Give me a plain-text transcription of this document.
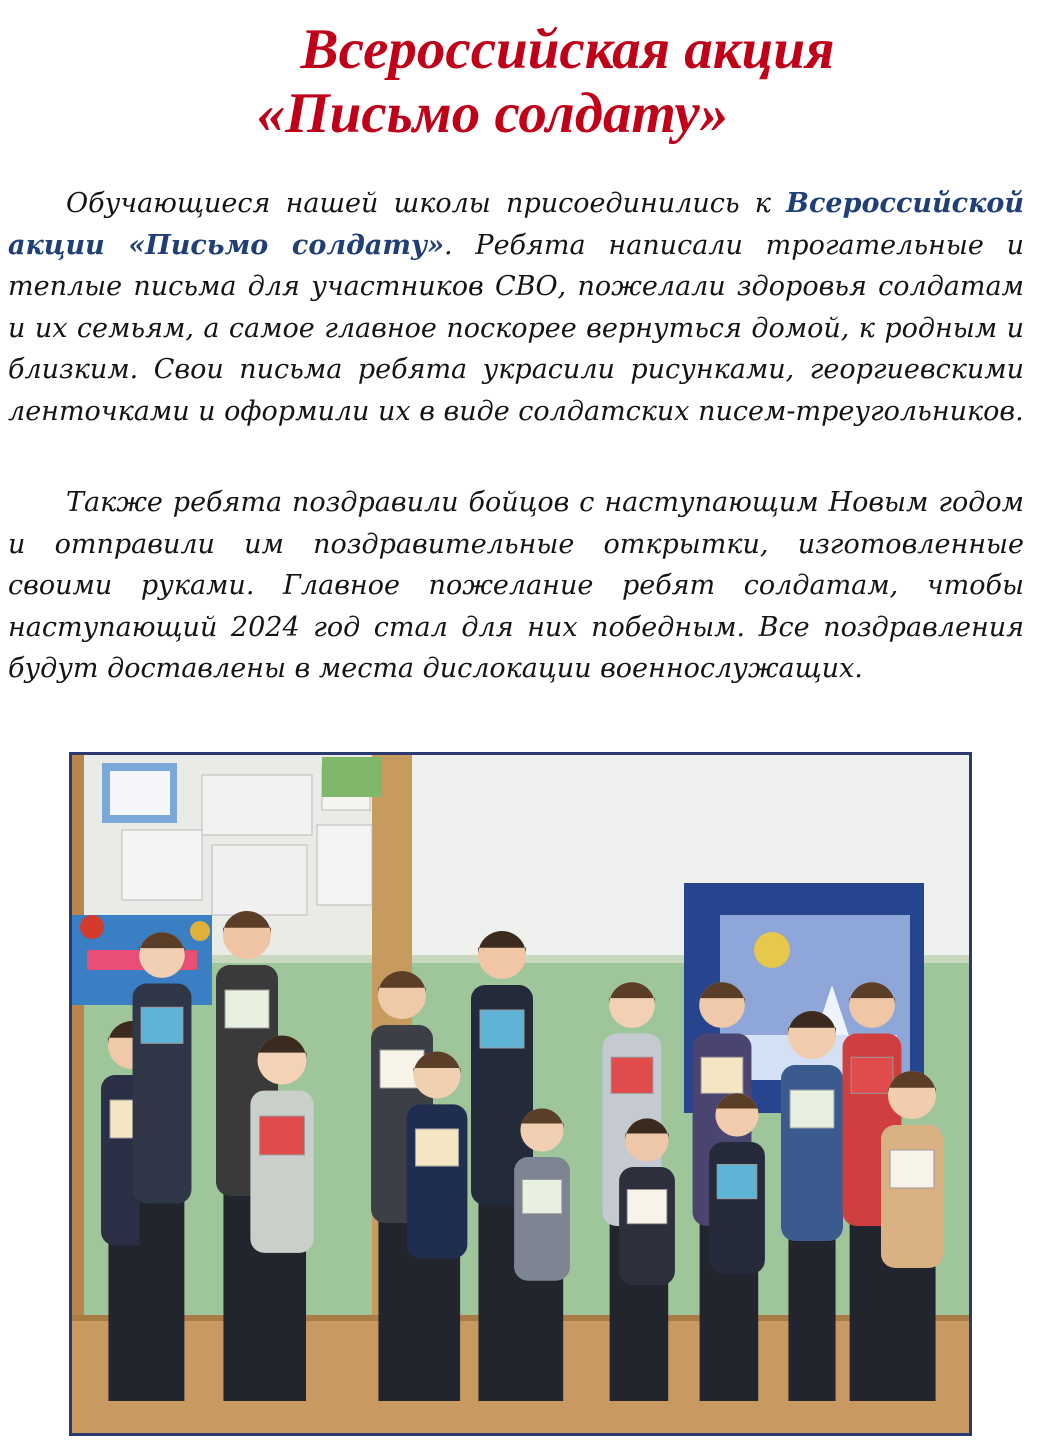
Всероссийская акция
«Письмо солдату»

Обучающиеся нашей школы присоединились к Всероссийской акции «Письмо солдату». Ребята написали трогательные и теплые письма для участников СВО, пожелали здоровья солдатам и их семьям, а самое главное поскорее вернуться домой, к родным и близким. Свои письма ребята украсили рисунками, георгиевскими ленточками и оформили их в виде солдатских писем-треугольников.

Также ребята поздравили бойцов с наступающим Новым годом и отправили им поздравительные открытки, изготовленные своими руками. Главное пожелание ребят солдатам, чтобы наступающий 2024 год стал для них победным. Все поздравления будут доставлены в места дислокации военнослужащих.
